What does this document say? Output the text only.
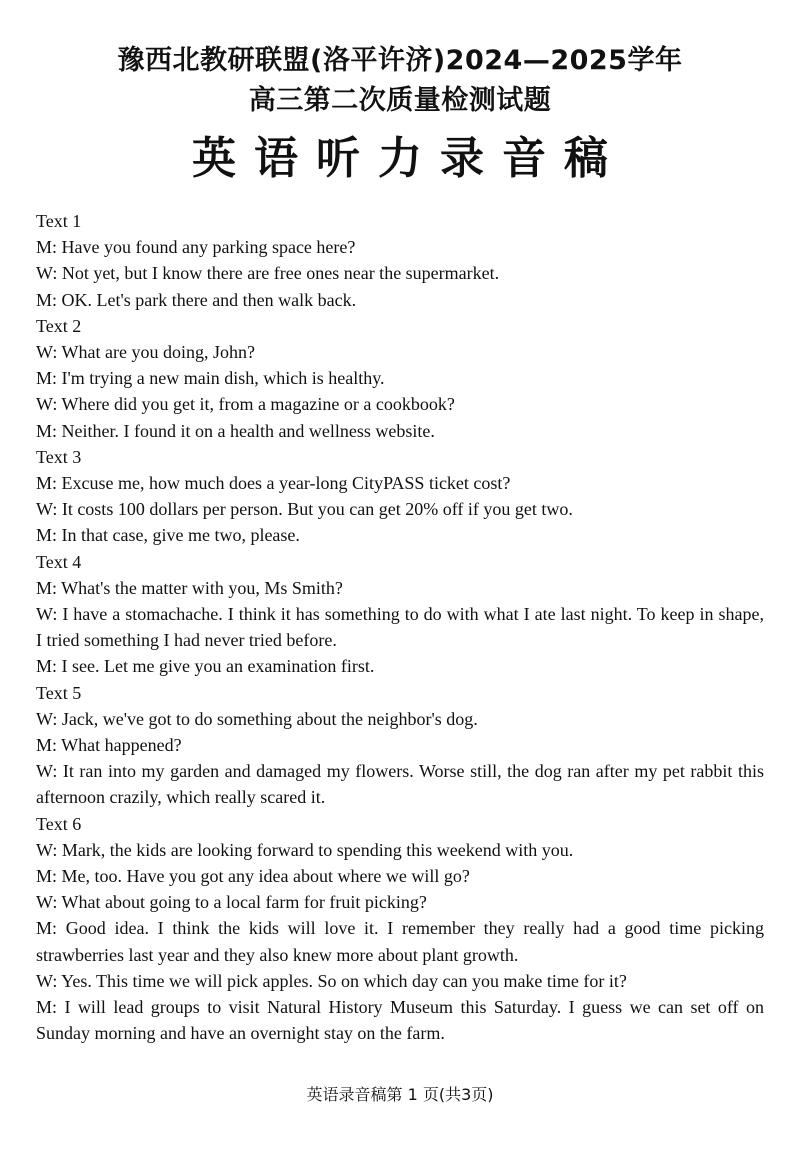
豫西北教研联盟(洛平许济)2024—2025学年
高三第二次质量检测试题
英语听力录音稿
Text 1
M: Have you found any parking space here?
W: Not yet, but I know there are free ones near the supermarket.
M: OK. Let's park there and then walk back.
Text 2
W: What are you doing, John?
M: I'm trying a new main dish, which is healthy.
W: Where did you get it, from a magazine or a cookbook?
M: Neither. I found it on a health and wellness website.
Text 3
M: Excuse me, how much does a year-long CityPASS ticket cost?
W: It costs 100 dollars per person. But you can get 20% off if you get two.
M: In that case, give me two, please.
Text 4
M: What's the matter with you, Ms Smith?
W: I have a stomachache. I think it has something to do with what I ate last night. To keep in shape, I tried something I had never tried before.
M: I see. Let me give you an examination first.
Text 5
W: Jack, we've got to do something about the neighbor's dog.
M: What happened?
W: It ran into my garden and damaged my flowers. Worse still, the dog ran after my pet rabbit this afternoon crazily, which really scared it.
Text 6
W: Mark, the kids are looking forward to spending this weekend with you.
M: Me, too. Have you got any idea about where we will go?
W: What about going to a local farm for fruit picking?
M: Good idea. I think the kids will love it. I remember they really had a good time picking strawberries last year and they also knew more about plant growth.
W: Yes. This time we will pick apples. So on which day can you make time for it?
M: I will lead groups to visit Natural History Museum this Saturday. I guess we can set off on Sunday morning and have an overnight stay on the farm.
英语录音稿第 1 页(共3页)
